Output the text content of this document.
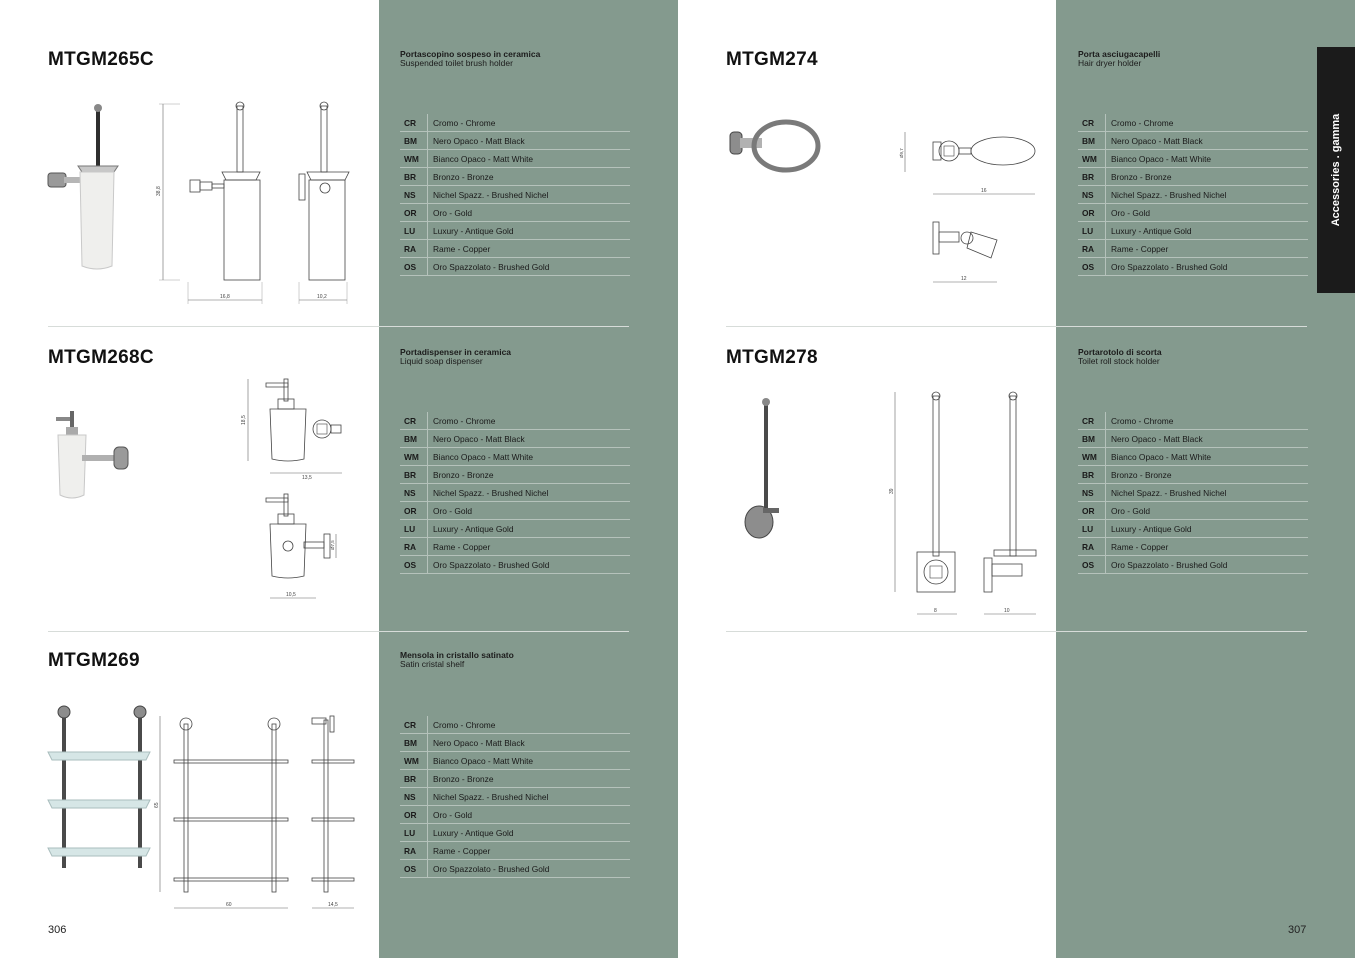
Accessories . gamma
MTGM265C	Portascopino sospeso in ceramica
Suspended toilet brush holder
CR	Cromo - Chrome
BM	Nero Opaco - Matt Black
WM	Bianco Opaco - Matt White
BR	Bronzo - Bronze
NS	Nichel Spazz. - Brushed Nichel
OR	Oro - Gold
LU	Luxury - Antique Gold
RA	Rame - Copper
OS	Oro Spazzolato - Brushed Gold
38,8
16,8	10,2
MTGM268C	Portadispenser in ceramica
Liquid soap dispenser
CR	Cromo - Chrome
BM	Nero Opaco - Matt Black
WM	Bianco Opaco - Matt White
BR	Bronzo - Bronze
NS	Nichel Spazz. - Brushed Nichel
OR	Oro - Gold
LU	Luxury - Antique Gold
RA	Rame - Copper
OS	Oro Spazzolato - Brushed Gold
18,5
13,5
Ø7,5
10,5
MTGM269	Mensola in cristallo satinato
Satin cristal shelf
CR	Cromo - Chrome
BM	Nero Opaco - Matt Black
WM	Bianco Opaco - Matt White
BR	Bronzo - Bronze
NS	Nichel Spazz. - Brushed Nichel
OR	Oro - Gold
LU	Luxury - Antique Gold
RA	Rame - Copper
OS	Oro Spazzolato - Brushed Gold
65
60	14,5
MTGM274	Porta asciugacapelli
Hair dryer holder
CR	Cromo - Chrome
BM	Nero Opaco - Matt Black
WM	Bianco Opaco - Matt White
BR	Bronzo - Bronze
NS	Nichel Spazz. - Brushed Nichel
OR	Oro - Gold
LU	Luxury - Antique Gold
RA	Rame - Copper
OS	Oro Spazzolato - Brushed Gold
Ø9,7
16
12
MTGM278	Portarotolo di scorta
Toilet roll stock holder
CR	Cromo - Chrome
BM	Nero Opaco - Matt Black
WM	Bianco Opaco - Matt White
BR	Bronzo - Bronze
NS	Nichel Spazz. - Brushed Nichel
OR	Oro - Gold
LU	Luxury - Antique Gold
RA	Rame - Copper
OS	Oro Spazzolato - Brushed Gold
39
8	10
306	307
